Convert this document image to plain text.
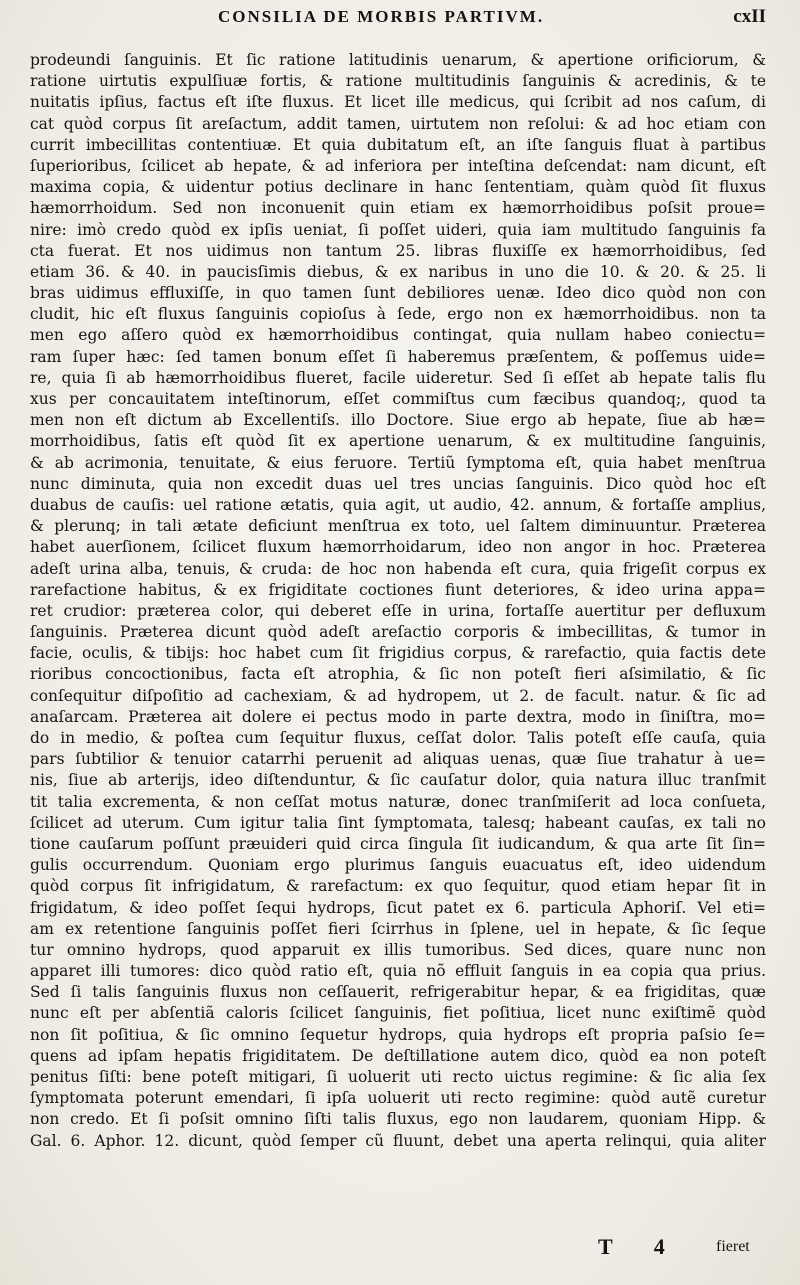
CONSILIA DE MORBIS PARTIVM.	cxII
prodeundi ſanguinis. Et ſic ratione latitudinis uenarum, & apertione orificiorum, &
ratione uirtutis expulſiuæ fortis, & ratione multitudinis ſanguinis & acredinis, & te
nuitatis ipſius, factus eſt iſte fluxus. Et licet ille medicus, qui ſcribit ad nos caſum, di
cat quòd corpus ſit areſactum, addit tamen, uirtutem non reſolui: & ad hoc etiam con
currit imbecillitas contentiuæ. Et quia dubitatum eſt, an iſte ſanguis fluat à partibus
ſuperioribus, ſcilicet ab hepate, & ad inferiora per inteſtina deſcendat: nam dicunt, eſt
maxima copia, & uidentur potius declinare in hanc ſententiam, quàm quòd ſit fluxus
hæmorrhoidum. Sed non inconuenit quin etiam ex hæmorrhoidibus poſsit proue=
nire: imò credo quòd ex ipſis ueniat, ſi poſſet uideri, quia iam multitudo ſanguinis fa
cta fuerat. Et nos uidimus non tantum 25. libras fluxiſſe ex hæmorrhoidibus, ſed
etiam 36. & 40. in paucisſimis diebus, & ex naribus in uno die 10. & 20. & 25. li
bras uidimus effluxiſſe, in quo tamen ſunt debiliores uenæ. Ideo dico quòd non con
cludit, hic eſt fluxus ſanguinis copioſus à ſede, ergo non ex hæmorrhoidibus. non ta
men ego aſſero quòd ex hæmorrhoidibus contingat, quia nullam habeo coniectu=
ram ſuper hæc: ſed tamen bonum eſſet ſi haberemus præſentem, & poſſemus uide=
re, quia ſi ab hæmorrhoidibus flueret, facile uideretur. Sed ſi eſſet ab hepate talis flu
xus per concauitatem inteſtinorum, eſſet commiſtus cum fæcibus quandoq;, quod ta
men non eſt dictum ab Excellentiſs. illo Doctore. Siue ergo ab hepate, ſiue ab hæ=
morrhoidibus, ſatis eſt quòd ſit ex apertione uenarum, & ex multitudine ſanguinis,
& ab acrimonia, tenuitate, & eius feruore. Tertiũ ſymptoma eſt, quia habet menſtrua
nunc diminuta, quia non excedit duas uel tres uncias ſanguinis. Dico quòd hoc eſt
duabus de cauſis: uel ratione ætatis, quia agit, ut audio, 42. annum, & fortaſſe amplius,
& plerunq; in tali ætate deficiunt menſtrua ex toto, uel ſaltem diminuuntur. Præterea
habet auerſionem, ſcilicet fluxum hæmorrhoidarum, ideo non angor in hoc. Præterea
adeſt urina alba, tenuis, & cruda: de hoc non habenda eſt cura, quia frigeſit corpus ex
rarefactione habitus, & ex frigiditate coctiones fiunt deteriores, & ideo urina appa=
ret crudior: præterea color, qui deberet eſſe in urina, fortaſſe auertitur per defluxum
ſanguinis. Præterea dicunt quòd adeſt areſactio corporis & imbecillitas, & tumor in
facie, oculis, & tibijs: hoc habet cum ſit frigidius corpus, & rarefactio, quia factis dete
rioribus concoctionibus, facta eſt atrophia, & ſic non poteſt fieri aſsimilatio, & ſic
conſequitur diſpoſitio ad cachexiam, & ad hydropem, ut 2. de facult. natur. & ſic ad
anaſarcam. Præterea ait dolere ei pectus modo in parte dextra, modo in ſiniſtra, mo=
do in medio, & poſtea cum ſequitur fluxus, ceſſat dolor. Talis poteſt eſſe cauſa, quia
pars ſubtilior & tenuior catarrhi peruenit ad aliquas uenas, quæ ſiue trahatur à ue=
nis, ſiue ab arterijs, ideo diſtenduntur, & ſic cauſatur dolor, quia natura illuc tranſmit
tit talia excrementa, & non ceſſat motus naturæ, donec tranſmiſerit ad loca conſueta,
ſcilicet ad uterum. Cum igitur talia ſint ſymptomata, talesq; habeant cauſas, ex tali no
tione cauſarum poſſunt præuideri quid circa ſingula ſit iudicandum, & qua arte ſit ſin=
gulis occurrendum. Quoniam ergo plurimus ſanguis euacuatus eſt, ideo uidendum
quòd corpus ſit infrigidatum, & rarefactum: ex quo ſequitur, quod etiam hepar ſit in
frigidatum, & ideo poſſet ſequi hydrops, ſicut patet ex 6. particula Aphoriſ. Vel eti=
am ex retentione ſanguinis poſſet fieri ſcirrhus in ſplene, uel in hepate, & ſic ſeque
tur omnino hydrops, quod apparuit ex illis tumoribus. Sed dices, quare nunc non
apparet illi tumores: dico quòd ratio eſt, quia nõ effluit ſanguis in ea copia qua prius.
Sed ſi talis ſanguinis fluxus non ceſſauerit, refrigerabitur hepar, & ea frigiditas, quæ
nunc eſt per abſentiã caloris ſcilicet ſanguinis, fiet poſitiua, licet nunc exiſtimẽ quòd
non ſit poſitiua, & ſic omnino ſequetur hydrops, quia hydrops eſt propria paſsio ſe=
quens ad ipſam hepatis frigiditatem. De deſtillatione autem dico, quòd ea non poteſt
penitus ſiſti: bene poteſt mitigari, ſi uoluerit uti recto uictus regimine: & ſic alia ſex
ſymptomata poterunt emendari, ſi ipſa uoluerit uti recto regimine: quòd autẽ curetur
non credo. Et ſi poſsit omnino ſiſti talis fluxus, ego non laudarem, quoniam Hipp. &
Gal. 6. Aphor. 12. dicunt, quòd ſemper cũ fluunt, debet una aperta relinqui, quia aliter
T 4 fieret
